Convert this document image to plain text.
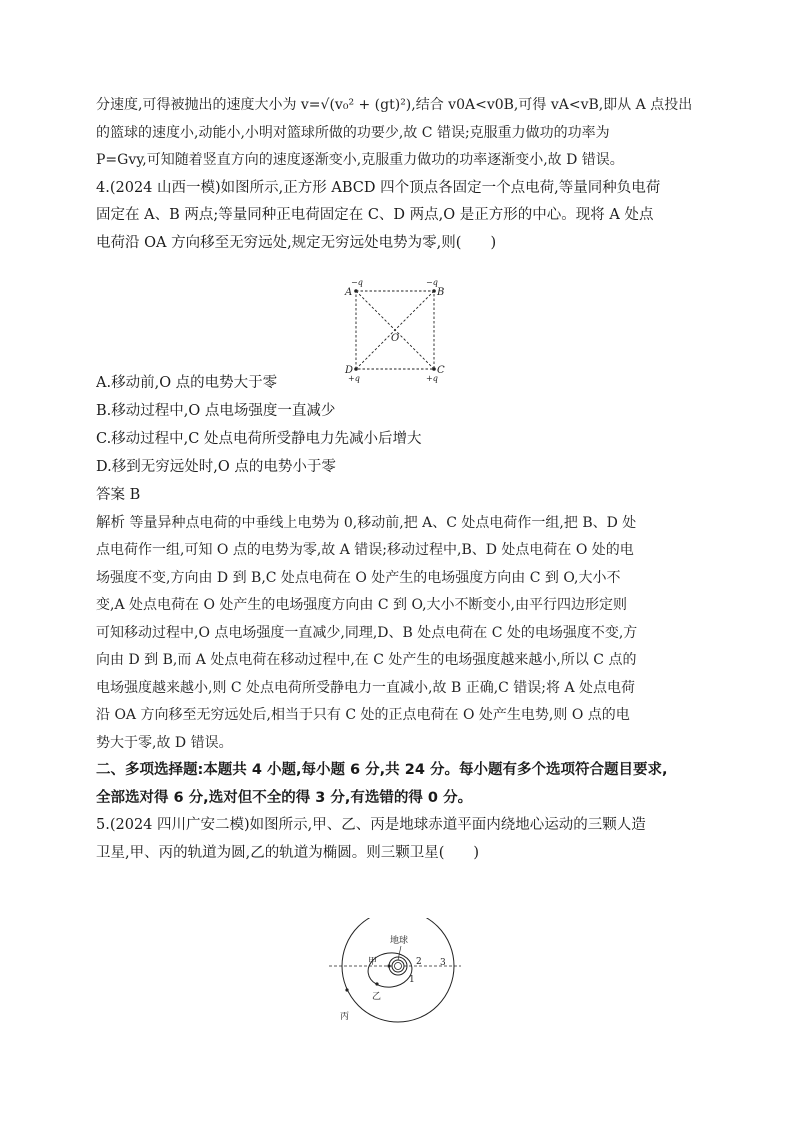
分速度,可得被抛出的速度大小为 v=√(v₀² + (gt)²),结合 v0A<v0B,可得 vA<vB,即从 A 点投出
的篮球的速度小,动能小,小明对篮球所做的功要少,故 C 错误;克服重力做功的功率为
P=Gvy,可知随着竖直方向的速度逐渐变小,克服重力做功的功率逐渐变小,故 D 错误。
4.(2024 山西一模)如图所示,正方形 ABCD 四个顶点各固定一个点电荷,等量同种负电荷
固定在 A、B 两点;等量同种正电荷固定在 C、D 两点,O 是正方形的中心。现将 A 处点
电荷沿 OA 方向移至无穷远处,规定无穷远处电势为零,则(　　)
A.移动前,O 点的电势大于零
B.移动过程中,O 点电场强度一直减少
C.移动过程中,C 处点电荷所受静电力先减小后增大
D.移到无穷远处时,O 点的电势小于零
答案 B
解析 等量异种点电荷的中垂线上电势为 0,移动前,把 A、C 处点电荷作一组,把 B、D 处
点电荷作一组,可知 O 点的电势为零,故 A 错误;移动过程中,B、D 处点电荷在 O 处的电
场强度不变,方向由 D 到 B,C 处点电荷在 O 处产生的电场强度方向由 C 到 O,大小不
变,A 处点电荷在 O 处产生的电场强度方向由 C 到 O,大小不断变小,由平行四边形定则
可知移动过程中,O 点电场强度一直减少,同理,D、B 处点电荷在 C 处的电场强度不变,方
向由 D 到 B,而 A 处点电荷在移动过程中,在 C 处产生的电场强度越来越小,所以 C 点的
电场强度越来越小,则 C 处点电荷所受静电力一直减小,故 B 正确,C 错误;将 A 处点电荷
沿 OA 方向移至无穷远处后,相当于只有 C 处的正点电荷在 O 处产生电势,则 O 点的电
势大于零,故 D 错误。
二、多项选择题:本题共 4 小题,每小题 6 分,共 24 分。每小题有多个选项符合题目要求,
全部选对得 6 分,选对但不全的得 3 分,有选错的得 0 分。
5.(2024 四川广安二模)如图所示,甲、乙、丙是地球赤道平面内绕地心运动的三颗人造
卫星,甲、丙的轨道为圆,乙的轨道为椭圆。则三颗卫星(　　)
A	B
C
D
O
−q	−q
+q
+q
地球
甲
乙
丙
1
2 3
